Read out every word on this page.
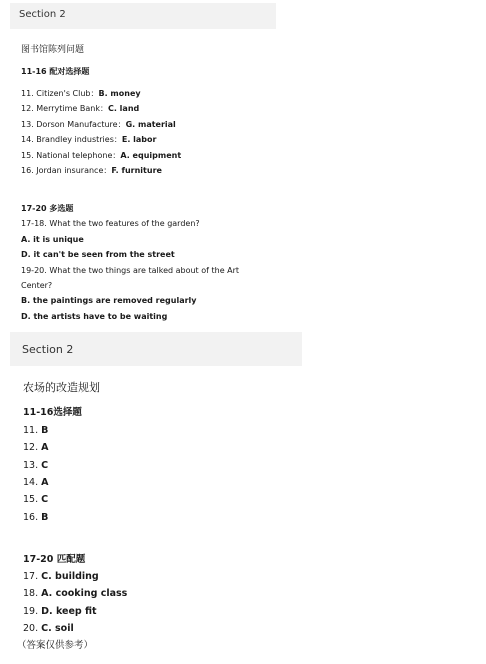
Section 2
图书馆陈列问题
11-16 配对选择题
11. Citizen's Club：B. money
12. Merrytime Bank：C. land
13. Dorson Manufacture：G. material
14. Brandley industries：E. labor
15. National telephone：A. equipment
16. Jordan insurance：F. furniture
17-20 多选题
17-18. What the two features of the garden?
A. it is unique
D. it can't be seen from the street
19-20. What the two things are talked about of the Art
Center?
B. the paintings are removed regularly
D. the artists have to be waiting
Section 2
农场的改造规划
11-16选择题
11. B
12. A
13. C
14. A
15. C
16. B
17-20 匹配题
17. C. building
18. A. cooking class
19. D. keep fit
20. C. soil
（答案仅供参考）
